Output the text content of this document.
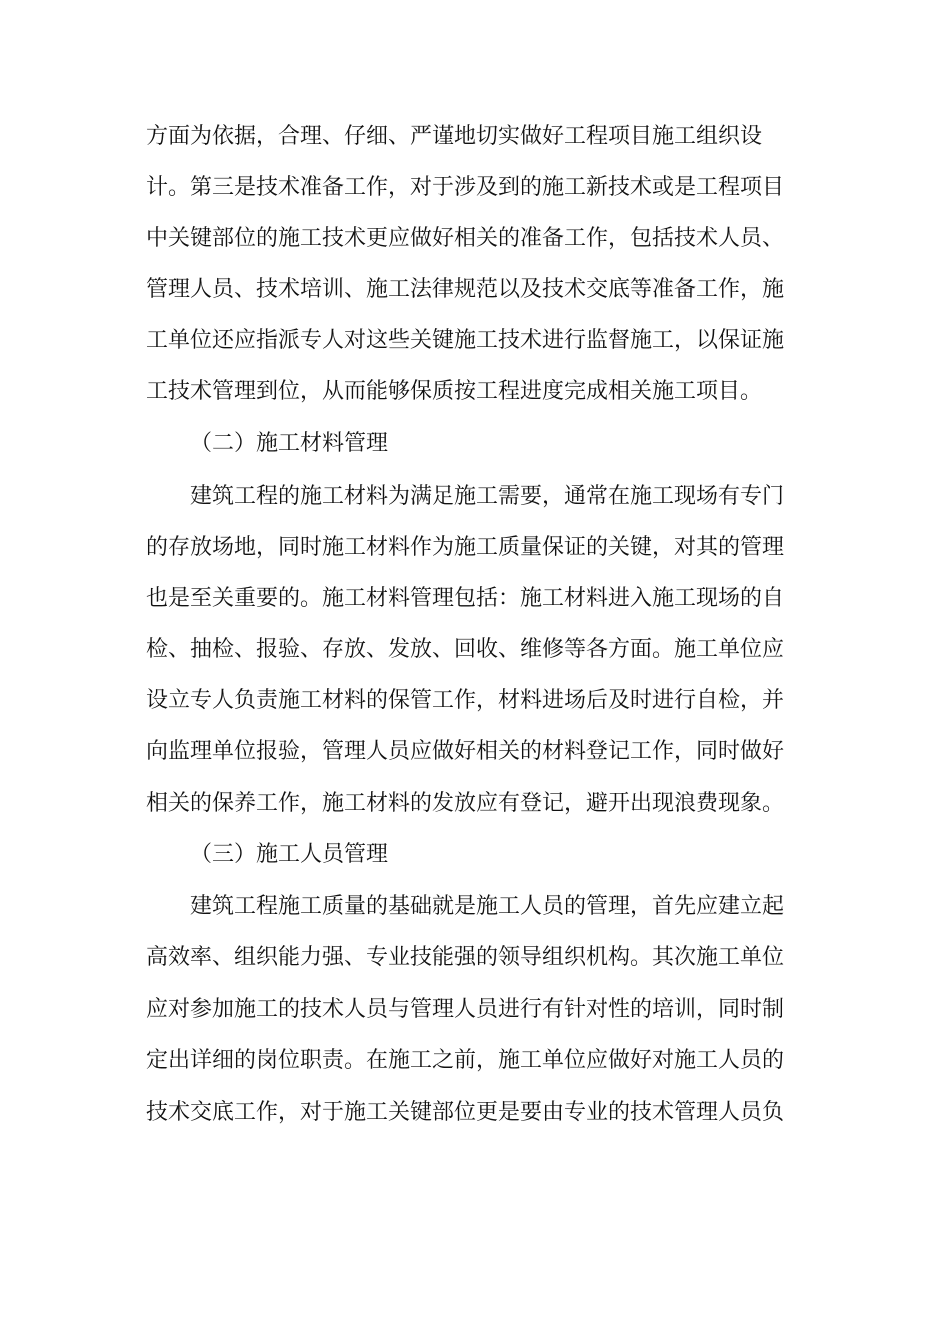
方面为依据，合理、仔细、严谨地切实做好工程项目施工组织设
计。第三是技术准备工作，对于涉及到的施工新技术或是工程项目
中关键部位的施工技术更应做好相关的准备工作，包括技术人员、
管理人员、技术培训、施工法律规范以及技术交底等准备工作，施
工单位还应指派专人对这些关键施工技术进行监督施工，以保证施
工技术管理到位，从而能够保质按工程进度完成相关施工项目。
（二）施工材料管理
建筑工程的施工材料为满足施工需要，通常在施工现场有专门
的存放场地，同时施工材料作为施工质量保证的关键，对其的管理
也是至关重要的。施工材料管理包括：施工材料进入施工现场的自
检、抽检、报验、存放、发放、回收、维修等各方面。施工单位应
设立专人负责施工材料的保管工作，材料进场后及时进行自检，并
向监理单位报验，管理人员应做好相关的材料登记工作，同时做好
相关的保养工作，施工材料的发放应有登记，避开出现浪费现象。
（三）施工人员管理
建筑工程施工质量的基础就是施工人员的管理，首先应建立起
高效率、组织能力强、专业技能强的领导组织机构。其次施工单位
应对参加施工的技术人员与管理人员进行有针对性的培训，同时制
定出详细的岗位职责。在施工之前，施工单位应做好对施工人员的
技术交底工作，对于施工关键部位更是要由专业的技术管理人员负
